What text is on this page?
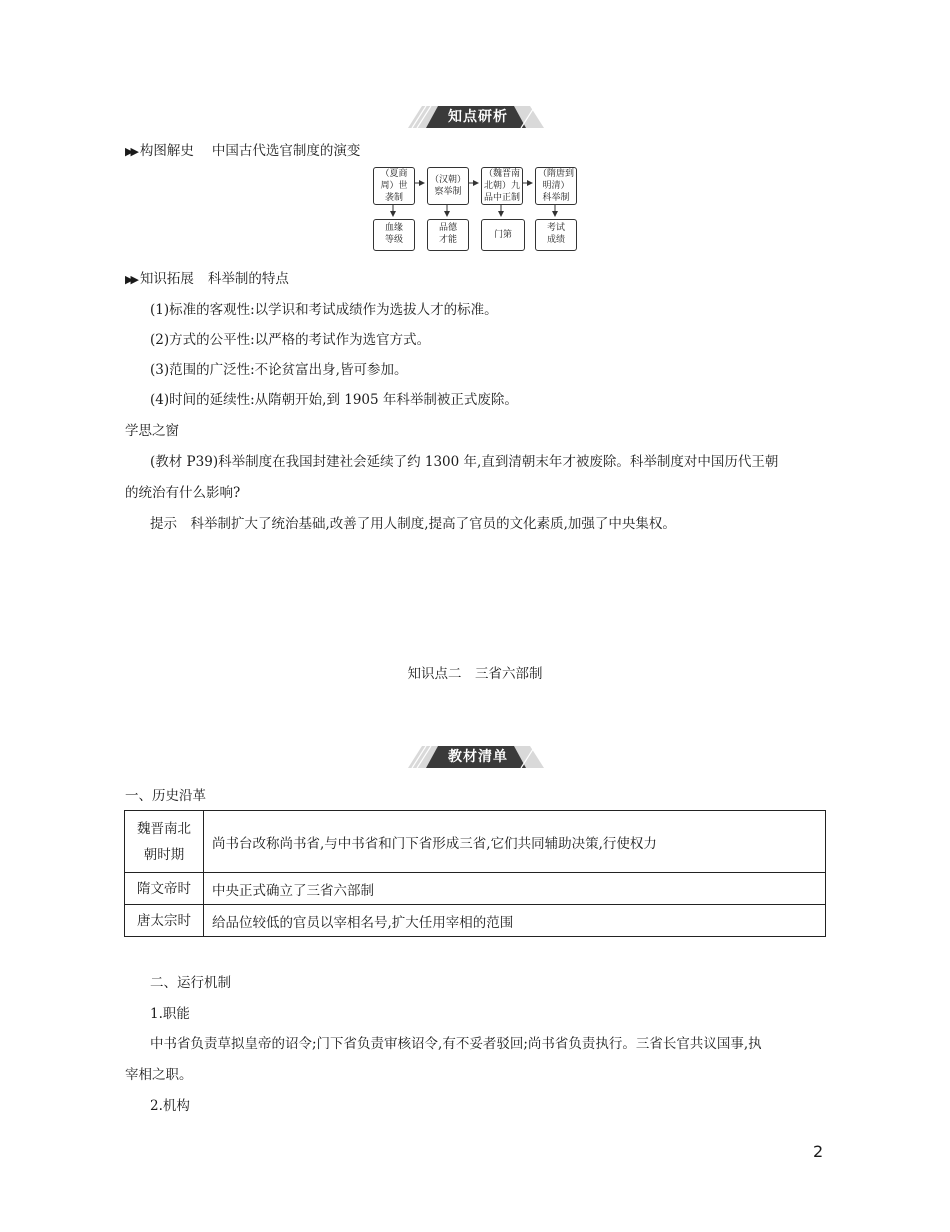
知点研析
▶▶ 构图解史 中国古代选官制度的演变
（夏商
周）世
袭制
（汉朝）
察举制
（魏晋南
北朝）九
品中正制
（隋唐到
明清）
科举制
血缘
等级
品德
才能	门第
考试
成绩
▶▶ 知识拓展 科举制的特点
(1)标准的客观性:以学识和考试成绩作为选拔人才的标准。
(2)方式的公平性:以严格的考试作为选官方式。
(3)范围的广泛性:不论贫富出身,皆可参加。
(4)时间的延续性:从隋朝开始,到 1905 年科举制被正式废除。
学思之窗
(教材 P39)科举制度在我国封建社会延续了约 1300 年,直到清朝末年才被废除。科举制度对中国历代王朝
的统治有什么影响?
提示　科举制扩大了统治基础,改善了用人制度,提高了官员的文化素质,加强了中央集权。
知识点二　三省六部制
教材清单
一、历史沿革
魏晋南北
朝时期	尚书台改称尚书省,与中书省和门下省形成三省,它们共同辅助决策,行使权力
隋文帝时	中央正式确立了三省六部制
唐太宗时	给品位较低的官员以宰相名号,扩大任用宰相的范围
二、运行机制
1.职能
中书省负责草拟皇帝的诏令;门下省负责审核诏令,有不妥者驳回;尚书省负责执行。三省长官共议国事,执
宰相之职。
2.机构
2
